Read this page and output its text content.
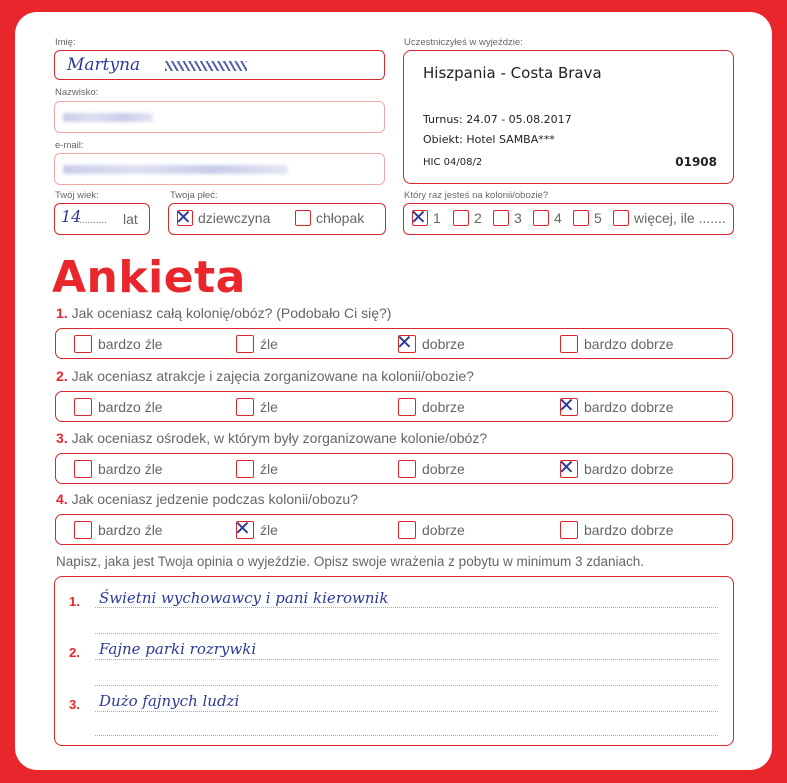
Imię:
Martyna
Nazwisko:
e-mail:
Twój wiek:
14
.......... lat
Twoja płeć:
✕ dziewczyna	chłopak
Uczestniczyłeś w wyjeździe:
Hiszpania - Costa Brava
Turnus: 24.07 - 05.08.2017
Obiekt: Hotel SAMBA***
HIC 04/08/2	01908
Który raz jesteś na kolonii/obozie?
✕ 1 2 3 4 5 więcej, ile .......
Ankieta
1. Jak oceniasz całą kolonię/obóz? (Podobało Ci się?)
bardzo źle	źle	✕ dobrze	bardzo dobrze
2. Jak oceniasz atrakcje i zajęcia zorganizowane na kolonii/obozie?
bardzo źle	źle	dobrze	✕ bardzo dobrze
3. Jak oceniasz ośrodek, w którym były zorganizowane kolonie/obóz?
bardzo źle	źle	dobrze	✕ bardzo dobrze
4. Jak oceniasz jedzenie podczas kolonii/obozu?
bardzo źle	✕ źle	dobrze	bardzo dobrze
Napisz, jaka jest Twoja opinia o wyjeździe. Opisz swoje wrażenia z pobytu w minimum 3 zdaniach.
1. Świetni wychowawcy i pani kierownik
2. Fajne parki rozrywki
3. Dużo fajnych ludzi
